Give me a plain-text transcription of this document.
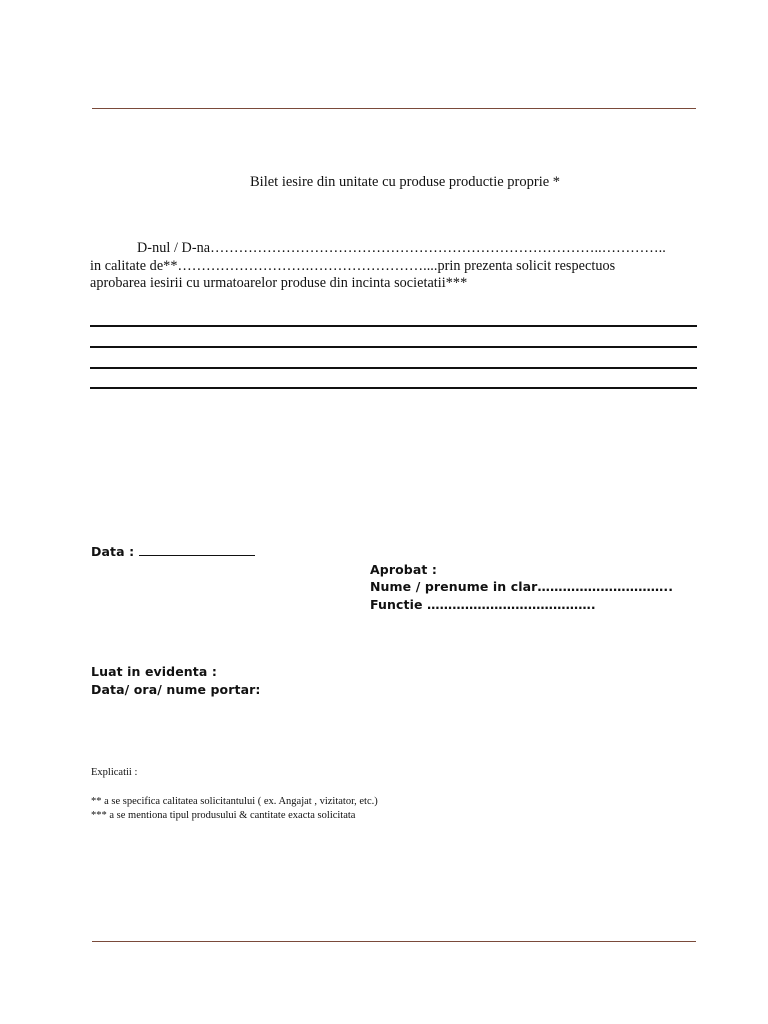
Bilet iesire din unitate cu produse productie proprie *
D-nul / D-na………………………………………………………………………..…………..
in calitate de**……………………….……………………....prin prezenta solicit respectuos
aprobarea iesirii cu urmatoarelor produse din incinta societatii***
Data :
Aprobat :
Nume / prenume in clar…………………………..
Functie ………………………………….
Luat in evidenta :
Data/ ora/ nume portar:
Explicatii :
** a se specifica calitatea solicitantului ( ex. Angajat , vizitator, etc.)
*** a se mentiona tipul produsului & cantitate exacta solicitata
